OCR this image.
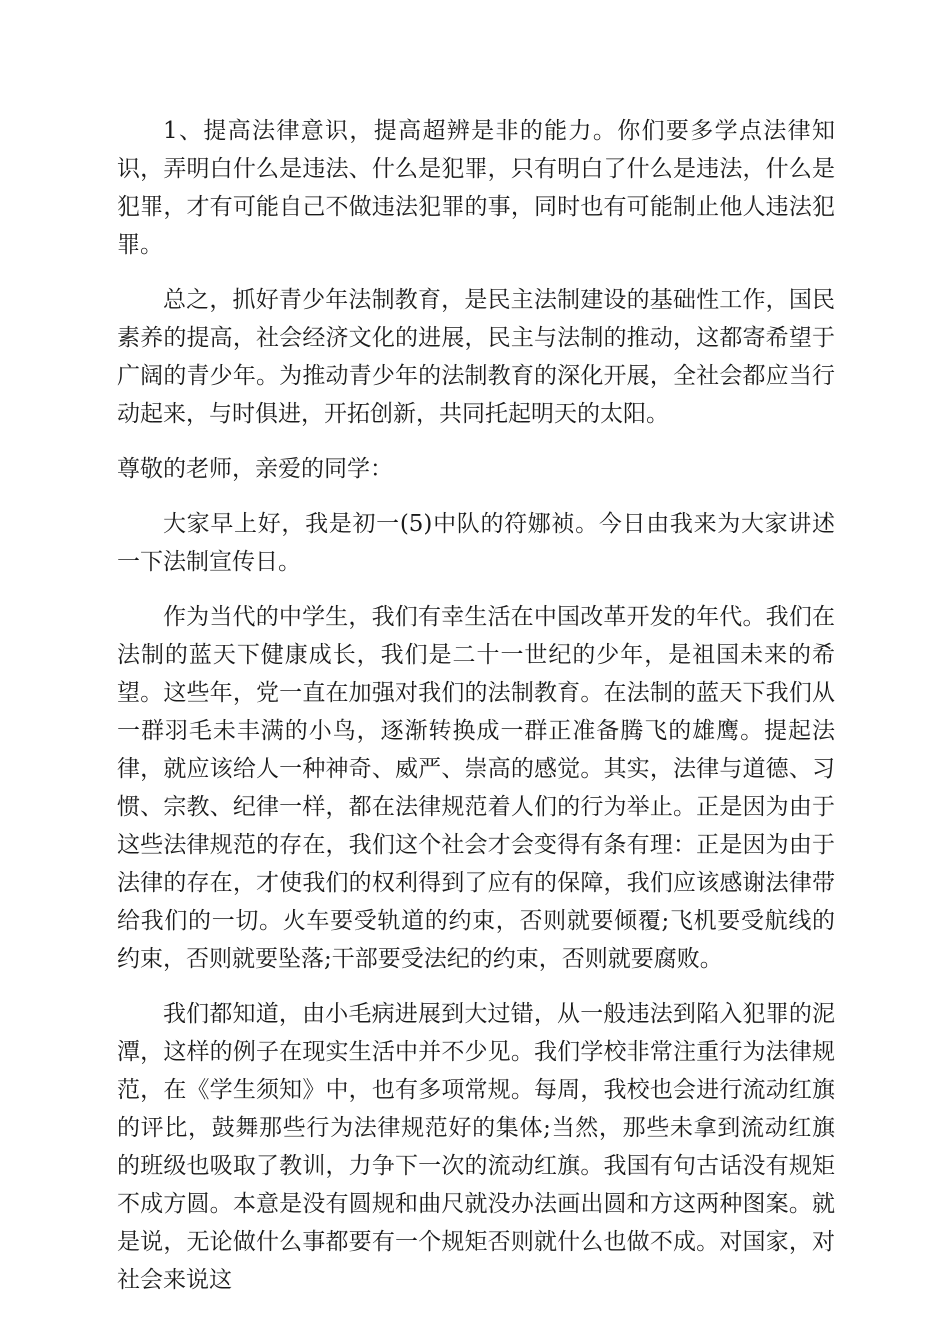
1、提高法律意识，提高超辨是非的能力。你们要多学点法律知识，弄明白什么是违法、什么是犯罪，只有明白了什么是违法，什么是犯罪，才有可能自己不做违法犯罪的事，同时也有可能制止他人违法犯罪。

总之，抓好青少年法制教育，是民主法制建设的基础性工作，国民素养的提高，社会经济文化的进展，民主与法制的推动，这都寄希望于广阔的青少年。为推动青少年的法制教育的深化开展，全社会都应当行动起来，与时俱进，开拓创新，共同托起明天的太阳。

尊敬的老师，亲爱的同学：

大家早上好，我是初一(5)中队的符娜祯。今日由我来为大家讲述一下法制宣传日。

作为当代的中学生，我们有幸生活在中国改革开发的年代。我们在法制的蓝天下健康成长，我们是二十一世纪的少年，是祖国未来的希望。这些年，党一直在加强对我们的法制教育。在法制的蓝天下我们从一群羽毛未丰满的小鸟，逐渐转换成一群正准备腾飞的雄鹰。提起法律，就应该给人一种神奇、威严、崇高的感觉。其实，法律与道德、习惯、宗教、纪律一样，都在法律规范着人们的行为举止。正是因为由于这些法律规范的存在，我们这个社会才会变得有条有理：正是因为由于法律的存在，才使我们的权利得到了应有的保障，我们应该感谢法律带给我们的一切。火车要受轨道的约束，否则就要倾覆;飞机要受航线的约束，否则就要坠落;干部要受法纪的约束，否则就要腐败。

我们都知道，由小毛病进展到大过错，从一般违法到陷入犯罪的泥潭，这样的例子在现实生活中并不少见。我们学校非常注重行为法律规范，在《学生须知》中，也有多项常规。每周，我校也会进行流动红旗的评比，鼓舞那些行为法律规范好的集体;当然，那些未拿到流动红旗的班级也吸取了教训，力争下一次的流动红旗。我国有句古话没有规矩不成方圆。本意是没有圆规和曲尺就没办法画出圆和方这两种图案。就是说，无论做什么事都要有一个规矩否则就什么也做不成。对国家，对社会来说这
